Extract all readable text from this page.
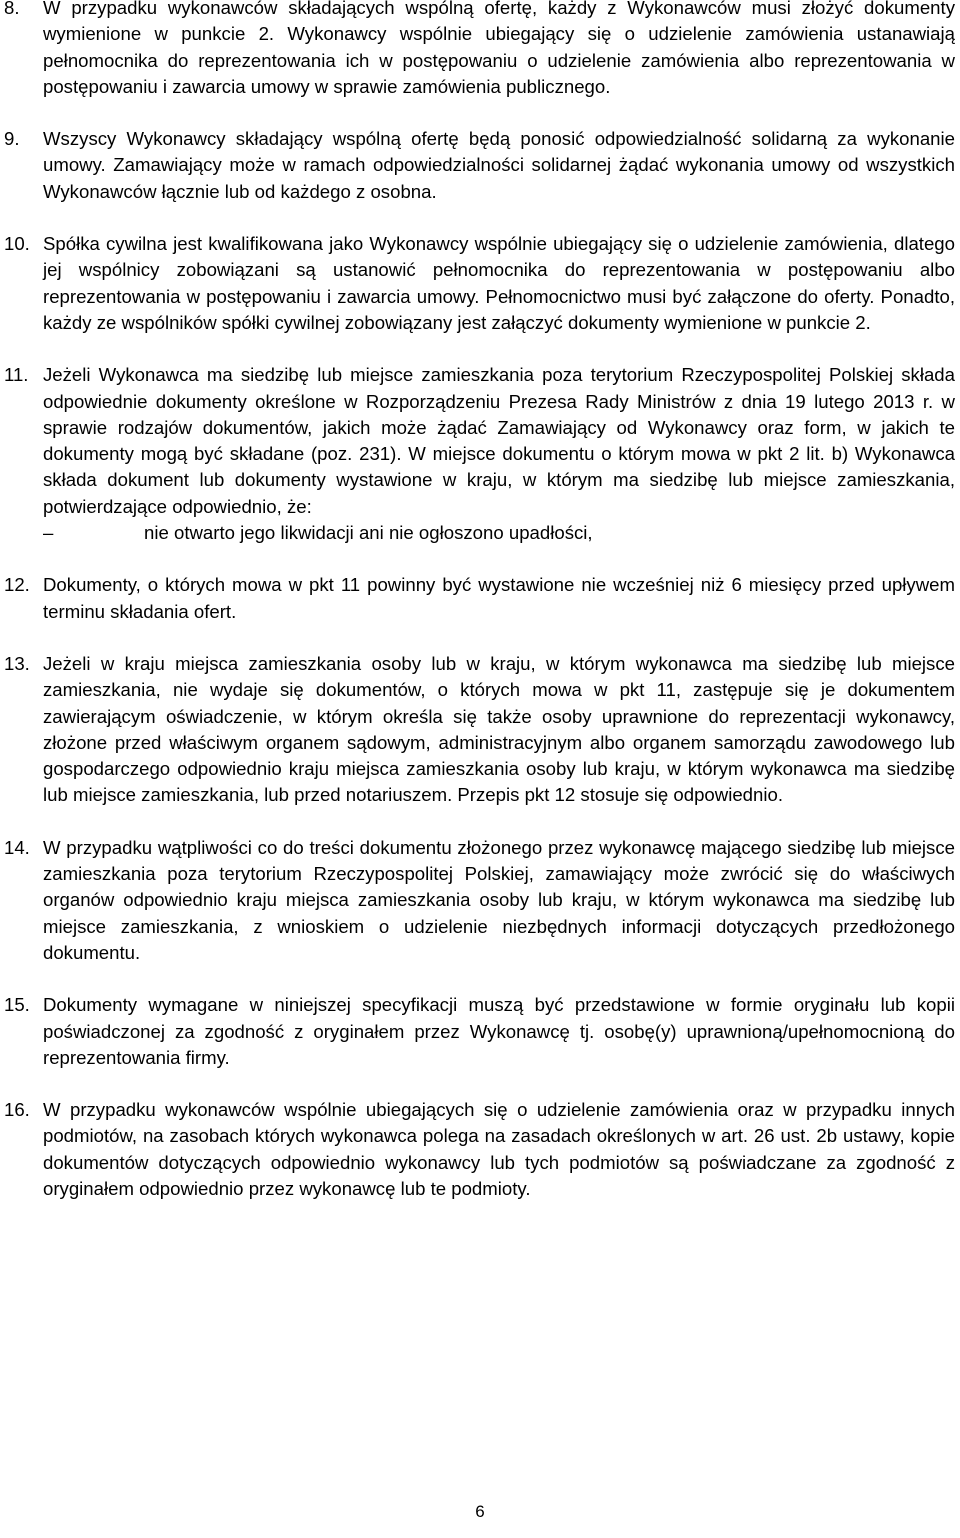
8.	W przypadku wykonawców składających wspólną ofertę, każdy z Wykonawców musi złożyć dokumenty wymienione w punkcie 2. Wykonawcy wspólnie ubiegający się o udzielenie zamówienia ustanawiają pełnomocnika do reprezentowania ich w postępowaniu o udzielenie zamówienia albo reprezentowania w postępowaniu i zawarcia umowy w sprawie zamówienia publicznego.
9.	Wszyscy Wykonawcy składający wspólną ofertę będą ponosić odpowiedzialność solidarną za wykonanie umowy. Zamawiający może w ramach odpowiedzialności solidarnej żądać wykonania umowy od wszystkich Wykonawców łącznie lub od każdego z osobna.
10. Spółka cywilna jest kwalifikowana jako Wykonawcy wspólnie ubiegający się o udzielenie zamówienia, dlatego jej wspólnicy zobowiązani są ustanowić pełnomocnika do reprezentowania w postępowaniu albo reprezentowania w postępowaniu i zawarcia umowy. Pełnomocnictwo musi być załączone do oferty. Ponadto, każdy ze wspólników spółki cywilnej zobowiązany jest załączyć dokumenty wymienione w punkcie 2.
11. Jeżeli Wykonawca ma siedzibę lub miejsce zamieszkania poza terytorium Rzeczypospolitej Polskiej składa odpowiednie dokumenty określone w Rozporządzeniu Prezesa Rady Ministrów z dnia 19 lutego 2013 r. w sprawie rodzajów dokumentów, jakich może żądać Zamawiający od Wykonawcy oraz form, w jakich te dokumenty mogą być składane (poz. 231). W miejsce dokumentu o którym mowa w pkt 2 lit. b) Wykonawca składa dokument lub dokumenty wystawione w kraju, w którym ma siedzibę lub miejsce zamieszkania, potwierdzające odpowiednio, że:
–	nie otwarto jego likwidacji ani nie ogłoszono upadłości,
12. Dokumenty, o których mowa w pkt 11 powinny być wystawione nie wcześniej niż 6 miesięcy przed upływem terminu składania ofert.
13. Jeżeli w kraju miejsca zamieszkania osoby lub w kraju, w którym wykonawca ma siedzibę lub miejsce zamieszkania, nie wydaje się dokumentów, o których mowa w pkt 11, zastępuje się je dokumentem zawierającym oświadczenie, w którym określa się także osoby uprawnione do reprezentacji wykonawcy, złożone przed właściwym organem sądowym, administracyjnym albo organem samorządu zawodowego lub gospodarczego odpowiednio kraju miejsca zamieszkania osoby lub kraju, w którym wykonawca ma siedzibę lub miejsce zamieszkania, lub przed notariuszem. Przepis pkt 12 stosuje się odpowiednio.
14. W przypadku wątpliwości co do treści dokumentu złożonego przez wykonawcę mającego siedzibę lub miejsce zamieszkania poza terytorium Rzeczypospolitej Polskiej, zamawiający może zwrócić się do właściwych organów odpowiednio kraju miejsca zamieszkania osoby lub kraju, w którym wykonawca ma siedzibę lub miejsce zamieszkania, z wnioskiem o udzielenie niezbędnych informacji dotyczących przedłożonego dokumentu.
15. Dokumenty wymagane w niniejszej specyfikacji muszą być przedstawione w formie oryginału lub kopii poświadczonej za zgodność z oryginałem przez Wykonawcę tj. osobę(y) uprawnioną/upełnomocnioną do reprezentowania firmy.
16. W przypadku wykonawców wspólnie ubiegających się o udzielenie zamówienia oraz w przypadku innych podmiotów, na zasobach których wykonawca polega na zasadach określonych w art. 26 ust. 2b ustawy, kopie dokumentów dotyczących odpowiednio wykonawcy lub tych podmiotów są poświadczane za zgodność z oryginałem odpowiednio przez wykonawcę lub te podmioty.
6
